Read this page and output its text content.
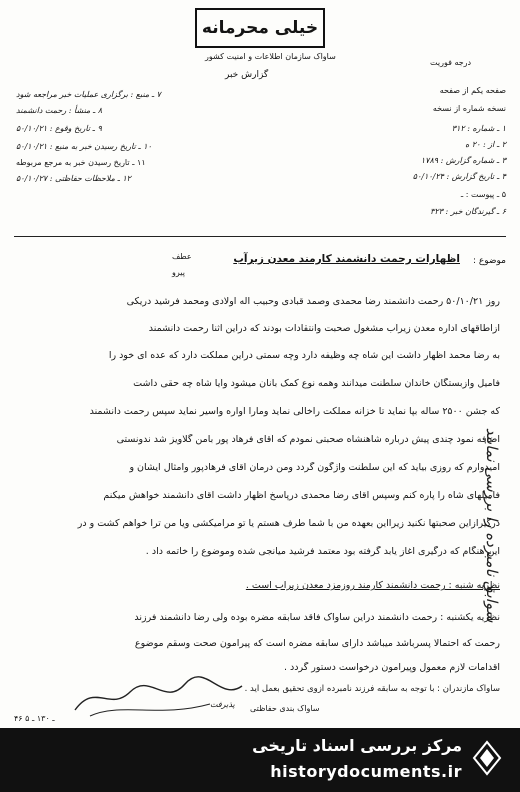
خیلی محرمانه
ساواک سازمان اطلاعات و امنیت کشور
گزارش خبر
درجه فوریت
صفحه یکم از صفحه
نسخه شماره از نسخه
۱ ـ شماره : ۳۱۲
۲ ـ از : ۲۰ ه
۳ ـ شماره گزارش : ۱۷۸۹
۴ ـ تاریخ گزارش : ۵۰/۱۰/۲۴
۵ ـ پیوست : ـ
۶ ـ گیرندگان خبر : ۳۲۳
۷ ـ منبع : برگزاری عملیات خبر مراجعه شود
۸ ـ منشأ : رحمت دانشمند
۹ ـ تاریخ وقوع : ۵۰/۱۰/۲۱
۱۰ ـ تاریخ رسیدن خبر به منبع : ۵۰/۱۰/۲۱
۱۱ ـ تاریخ رسیدن خبر به مرجع مربوطه
۱۲ ـ ملاحظات حفاظتی : ۵۰/۱۰/۲۷
موضوع :
اظهارات رحمت دانشمند کارمند معدن زیرآب
عطف
پیرو
روز ۵۰/۱۰/۲۱ رحمت دانشمند رضا محمدی وصمد قبادی وحبیب اله اولادی ومحمد فرشید دریکی
ازاطاقهای اداره معدن زیرآب مشغول صحبت وانتقادات بودند که دراین اثنا رحمت دانشمند
به رضا محمد اظهار داشت این شاه چه وظیفه دارد وچه سمتی دراین مملکت دارد که عده ای خود را
فامیل وازبستگان خاندان سلطنت میدانند وهمه نوع کمک بآنان میشود وآیا شاه چه حقی داشت
که جشن ۲۵۰۰ ساله بپا نماید تا خزانه مملکت راخالی نماید ومارا آواره واسیر نماید سپس رحمت دانشمند
اضافه نمود چندی پیش درباره شاهنشاه صحبتی نمودم که آقای فرهاد پور بامن گلاویز شد ندونستی
امیدوارم که روزی بیاید که این سلطنت واژگون گردد ومن درمان آقای فرهادپور وامثال ایشان و
فامیلهای شاه را پاره کنم وسپس آقای رضا محمدی درپاسخ اظهار داشت آقای دانشمند خواهش میکنم
درگیرازاین صحبتها نکنید زیرااین بعهده من با شما طرف هستم یا تو مرامیکشی ویا من ترا خواهم کشت و در
این هنگام که درگیری آغاز یابد گرفته بود معتمد فرشید میانجی شده وموضوع را خاتمه داد .
نظریه شنبه : رحمت دانشمند کارمند روزمزد معدن زیرآب است .
نظریه یکشنبه : رحمت دانشمند دراین ساواک فاقد سابقه مضره بوده ولی رضا دانشمند فرزند
رحمت که احتمالا پسرباشد میباشد دارای سابقه مضره است که پیرامون صحت وسقم موضوع
اقدامات لازم معمول وپیرامون درخواست دستور گردد .
ساواک مازندران : با توجه به سابقه فرزند نامبرده ازوی تحقیق بعمل آید .
سوابق نامبرده را بررسی نمایند
پذیرفت
۴۶ ـ ۱۳۰ ـ ۵
ساواک بندی حفاظتی
مرکز بررسی اسناد تاریخی
historydocuments.ir
